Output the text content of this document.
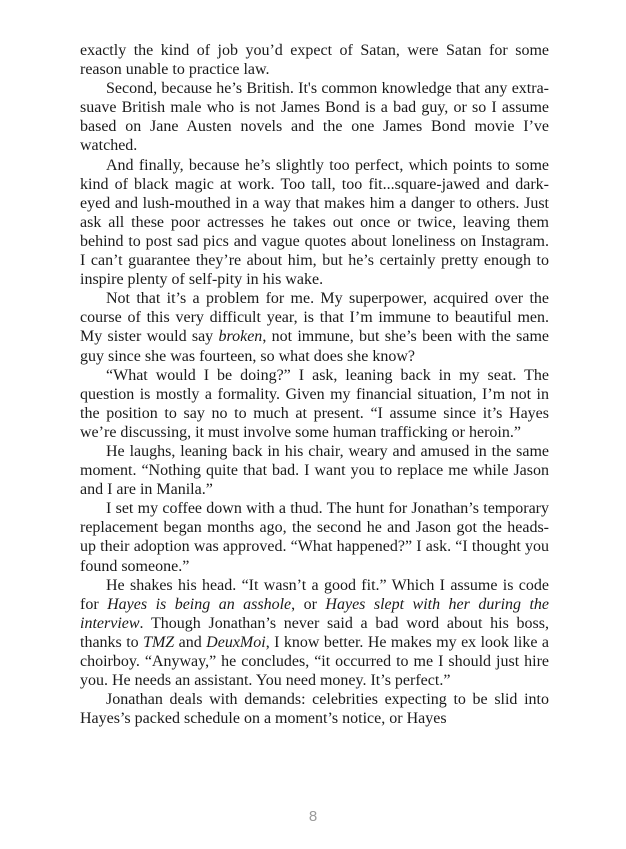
exactly the kind of job you’d expect of Satan, were Satan for some reason unable to practice law.

Second, because he’s British. It's common knowledge that any extra-suave British male who is not James Bond is a bad guy, or so I assume based on Jane Austen novels and the one James Bond movie I’ve watched.

And finally, because he’s slightly too perfect, which points to some kind of black magic at work. Too tall, too fit...square-jawed and dark-eyed and lush-mouthed in a way that makes him a danger to others. Just ask all these poor actresses he takes out once or twice, leaving them behind to post sad pics and vague quotes about loneliness on Instagram. I can’t guarantee they’re about him, but he’s certainly pretty enough to inspire plenty of self-pity in his wake.

Not that it’s a problem for me. My superpower, acquired over the course of this very difficult year, is that I’m immune to beautiful men. My sister would say broken, not immune, but she’s been with the same guy since she was fourteen, so what does she know?

“What would I be doing?” I ask, leaning back in my seat. The question is mostly a formality. Given my financial situation, I’m not in the position to say no to much at present. “I assume since it’s Hayes we’re discussing, it must involve some human trafficking or heroin.”

He laughs, leaning back in his chair, weary and amused in the same moment. “Nothing quite that bad. I want you to replace me while Jason and I are in Manila.”

I set my coffee down with a thud. The hunt for Jonathan’s temporary replacement began months ago, the second he and Jason got the heads-up their adoption was approved. “What happened?” I ask. “I thought you found someone.”

He shakes his head. “It wasn’t a good fit.” Which I assume is code for Hayes is being an asshole, or Hayes slept with her during the interview. Though Jonathan’s never said a bad word about his boss, thanks to TMZ and DeuxMoi, I know better. He makes my ex look like a choirboy. “Anyway,” he concludes, “it occurred to me I should just hire you. He needs an assistant. You need money. It’s perfect.”

Jonathan deals with demands: celebrities expecting to be slid into Hayes’s packed schedule on a moment’s notice, or Hayes

8
